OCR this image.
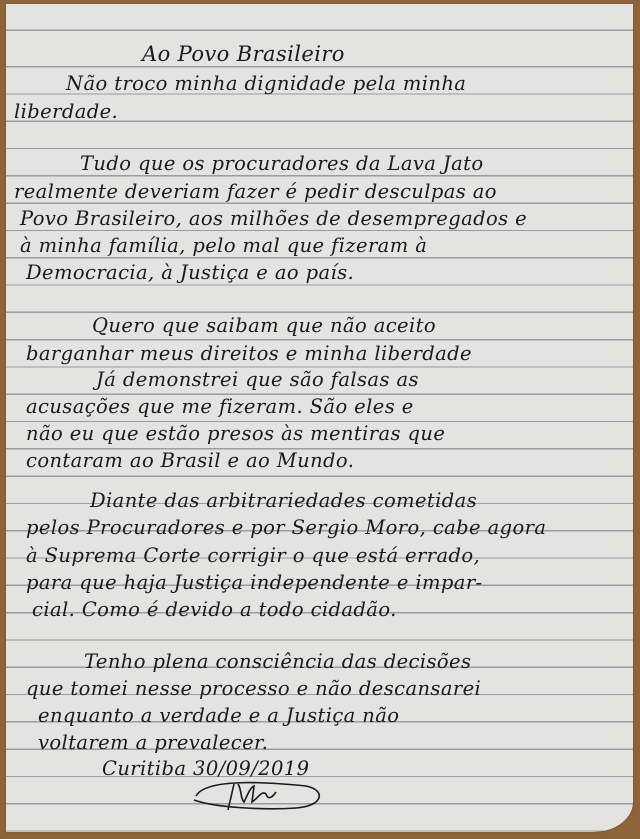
Ao Povo Brasileiro
Não troco minha dignidade pela minha
liberdade.
Tudo que os procuradores da Lava Jato
realmente deveriam fazer é pedir desculpas ao
Povo Brasileiro, aos milhões de desempregados e
à minha família, pelo mal que fizeram à
Democracia, à Justiça e ao país.
Quero que saibam que não aceito
barganhar meus direitos e minha liberdade
Já demonstrei que são falsas as
acusações que me fizeram. São eles e
não eu que estão presos às mentiras que
contaram ao Brasil e ao Mundo.
Diante das arbitrariedades cometidas
pelos Procuradores e por Sergio Moro, cabe agora
à Suprema Corte corrigir o que está errado,
para que haja Justiça independente e impar-
cial. Como é devido a todo cidadão.
Tenho plena consciência das decisões
que tomei nesse processo e não descansarei
enquanto a verdade e a Justiça não
voltarem a prevalecer.
Curitiba 30/09/2019
